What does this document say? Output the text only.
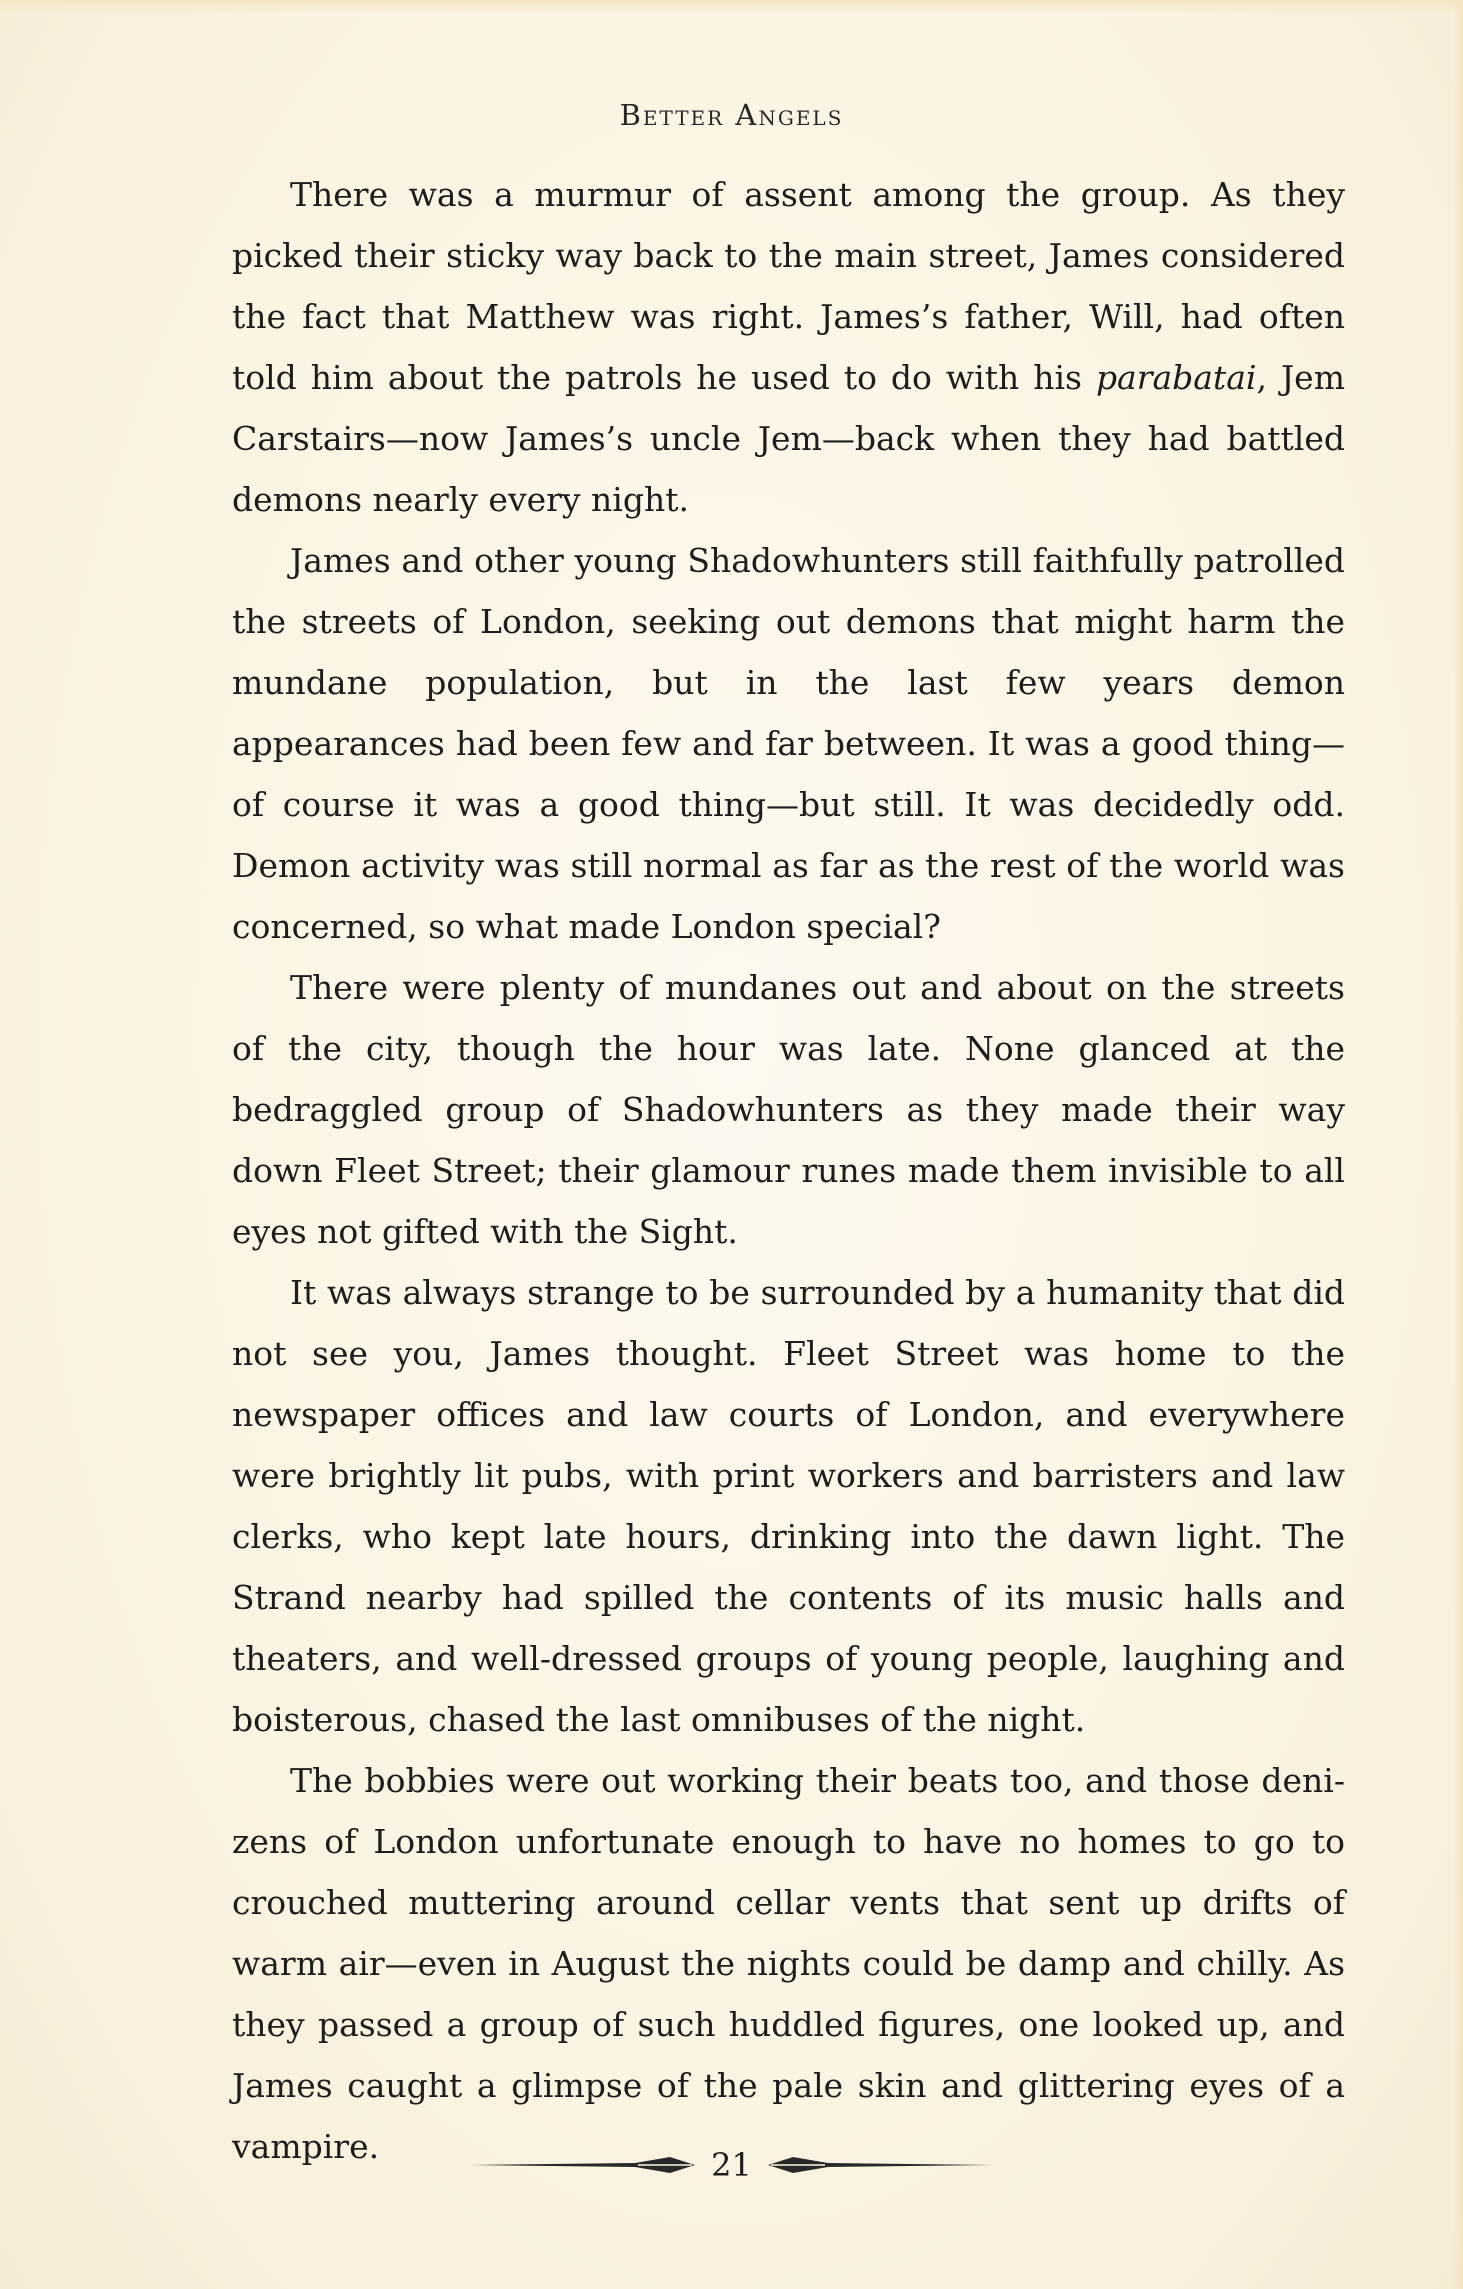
Better Angels

There was a murmur of assent among the group. As they picked their sticky way back to the main street, James considered the fact that Matthew was right. James’s father, Will, had often told him about the patrols he used to do with his parabatai, Jem Carstairs—now James’s uncle Jem—back when they had battled demons nearly every night.

James and other young Shadowhunters still faithfully patrolled the streets of London, seeking out demons that might harm the mundane population, but in the last few years demon appearances had been few and far between. It was a good thing—of course it was a good thing—but still. It was decidedly odd. Demon activity was still normal as far as the rest of the world was concerned, so what made London special?

There were plenty of mundanes out and about on the streets of the city, though the hour was late. None glanced at the bedraggled group of Shadowhunters as they made their way down Fleet Street; their glamour runes made them invisible to all eyes not gifted with the Sight.

It was always strange to be surrounded by a humanity that did not see you, James thought. Fleet Street was home to the newspaper offices and law courts of London, and everywhere were brightly lit pubs, with print workers and barristers and law clerks, who kept late hours, drinking into the dawn light. The Strand nearby had spilled the contents of its music halls and theaters, and well-dressed groups of young people, laughing and boisterous, chased the last omnibuses of the night.

The bobbies were out working their beats too, and those denizens of London unfortunate enough to have no homes to go to crouched muttering around cellar vents that sent up drifts of warm air—even in August the nights could be damp and chilly. As they passed a group of such huddled figures, one looked up, and James caught a glimpse of the pale skin and glittering eyes of a vampire.	21
